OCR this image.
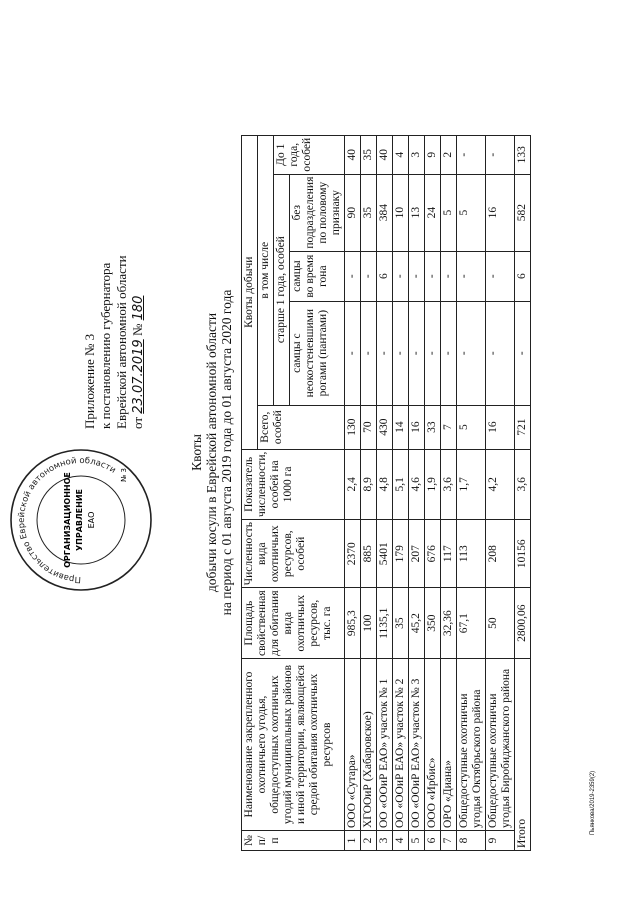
Правительство Еврейской автономной области
ОРГАНИЗАЦИОННОЕ УПРАВЛЕНИЕ ЕАО
№ 3
Приложение № 3 к постановлению губернатора Еврейской автономной области от 23.07.2019 № 180
Квоты добычи косули в Еврейской автономной области на период с 01 августа 2019 года до 01 августа 2020 года
№ п/п	Наименование закрепленного охотничьего угодья, общедоступных охотничьих угодий муниципальных районов и иной территории, являющейся средой обитания охотничьих ресурсов	Площадь свойственная для обитания вида охотничьих ресурсов, тыс. га	Численность вида охотничьих ресурсов, особей	Показатель численности, особей на 1000 га	Квоты добычи				
					Всего, особей	в том числе			
						старше 1 года, особей			До 1 года, особей
						самцы с неокостеневшими рогами (пантами)	самцы во время гона	без подразделения по половому признаку	
1	ООО «Сутара»	985,3	2370	2,4	130	-	-	90	40
2	ХГООиР (Хабаровское)	100	885	8,9	70	-	-	35	35
3	ОО «ООиР ЕАО» участок № 1	1135,1	5401	4,8	430	-	6	384	40
4	ОО «ООиР ЕАО» участок № 2	35	179	5,1	14	-	-	10	4
5	ОО «ООиР ЕАО» участок № 3	45,2	207	4,6	16	-	-	13	3
6	ООО «Ирбис»	350	676	1,9	33	-	-	24	9
7	ОРО «Диана»	32,36	117	3,6	7	-	-	5	2
8	Общедоступные охотничьи угодья Октябрьского района	67,1	113	1,7	5	-	-	5	-
9	Общедоступные охотничьи угодья Биробиджанского района	50	208	4,2	16	-	-	16	-
Итого		2800,06	10156	3,6	721	-	6	582	133
Пьянкова/2019-2359(2)
